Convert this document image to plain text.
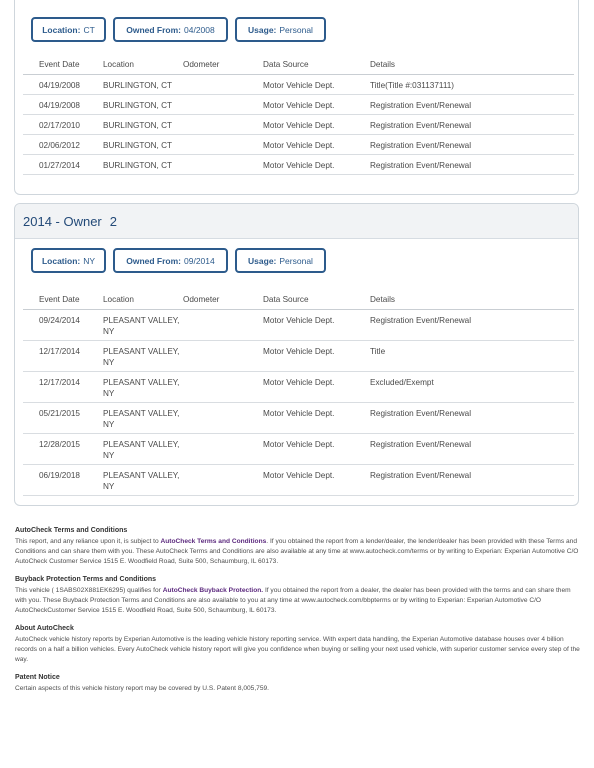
Location: CT	Owned From: 04/2008	Usage: Personal
Event Date	Location	Odometer	Data Source	Details
04/19/2008	BURLINGTON, CT		Motor Vehicle Dept.	Title(Title #:031137111)
04/19/2008	BURLINGTON, CT		Motor Vehicle Dept.	Registration Event/Renewal
02/17/2010	BURLINGTON, CT		Motor Vehicle Dept.	Registration Event/Renewal
02/06/2012	BURLINGTON, CT		Motor Vehicle Dept.	Registration Event/Renewal
01/27/2014	BURLINGTON, CT		Motor Vehicle Dept.	Registration Event/Renewal
2014 - Owner 2
Location: NY	Owned From: 09/2014	Usage: Personal
Event Date	Location	Odometer	Data Source	Details
09/24/2014	PLEASANT VALLEY, NY		Motor Vehicle Dept.	Registration Event/Renewal
12/17/2014	PLEASANT VALLEY, NY		Motor Vehicle Dept.	Title
12/17/2014	PLEASANT VALLEY, NY		Motor Vehicle Dept.	Excluded/Exempt
05/21/2015	PLEASANT VALLEY, NY		Motor Vehicle Dept.	Registration Event/Renewal
12/28/2015	PLEASANT VALLEY, NY		Motor Vehicle Dept.	Registration Event/Renewal
06/19/2018	PLEASANT VALLEY, NY		Motor Vehicle Dept.	Registration Event/Renewal
AutoCheck Terms and Conditions

This report, and any reliance upon it, is subject to AutoCheck Terms and Conditions. If you obtained the report from a lender/dealer, the lender/dealer has been provided with these Terms and Conditions and can share them with you. These AutoCheck Terms and Conditions are also available at any time at www.autocheck.com/terms or by writing to Experian: Experian Automotive C/O AutoCheck Customer Service 1515 E. Woodfield Road, Suite 500, Schaumburg, IL 60173.

Buyback Protection Terms and Conditions

This vehicle ( 1SABS02X881EK6295) qualifies for AutoCheck Buyback Protection. If you obtained the report from a dealer, the dealer has been provided with the terms and can share them with you. These Buyback Protection Terms and Conditions are also available to you at any time at www.autocheck.com/bbpterms or by writing to Experian: Experian Automotive C/O AutoCheckCustomer Service 1515 E. Woodfield Road, Suite 500, Schaumburg, IL 60173.

About AutoCheck

AutoCheck vehicle history reports by Experian Automotive is the leading vehicle history reporting service. With expert data handling, the Experian Automotive database houses over 4 billion records on a half a billion vehicles. Every AutoCheck vehicle history report will give you confidence when buying or selling your next used vehicle, with superior customer service every step of the way.

Patent Notice

Certain aspects of this vehicle history report may be covered by U.S. Patent 8,005,759.
